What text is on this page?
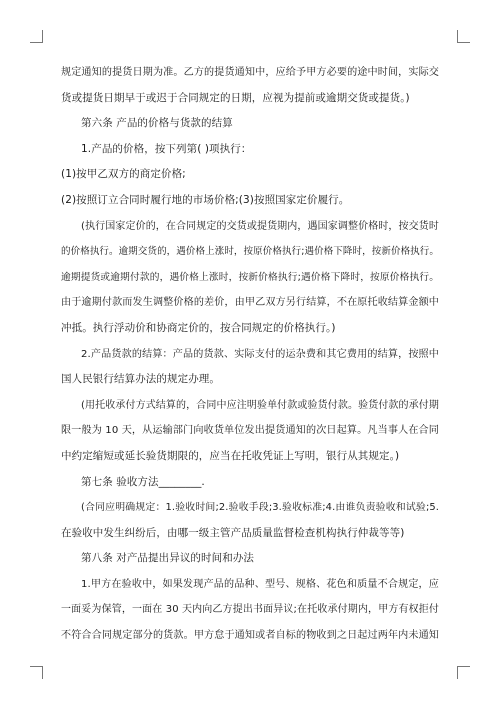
规定通知的提货日期为准。乙方的提货通知中，应给予甲方必要的途中时间，实际交
货或提货日期早于或迟于合同规定的日期，应视为提前或逾期交货或提货。)
第六条 产品的价格与货款的结算
1.产品的价格，按下列第( )项执行：
(1)按甲乙双方的商定价格;
(2)按照订立合同时履行地的市场价格;(3)按照国家定价履行。
(执行国家定价的，在合同规定的交货或提货期内，遇国家调整价格时，按交货时
的价格执行。逾期交货的，遇价格上涨时，按原价格执行;遇价格下降时，按新价格执行。
逾期提货或逾期付款的，遇价格上涨时，按新价格执行;遇价格下降时，按原价格执行。
由于逾期付款而发生调整价格的差价，由甲乙双方另行结算，不在原托收结算金额中
冲抵。执行浮动价和协商定价的，按合同规定的价格执行。)
2.产品货款的结算：产品的货款、实际支付的运杂费和其它费用的结算，按照中
国人民银行结算办法的规定办理。
(用托收承付方式结算的，合同中应注明验单付款或验货付款。验货付款的承付期
限一般为 10 天，从运输部门向收货单位发出提货通知的次日起算。凡当事人在合同
中约定缩短或延长验货期限的，应当在托收凭证上写明，银行从其规定。)
第七条 验收方法________.
(合同应明确规定：1.验收时间;2.验收手段;3.验收标准;4.由谁负责验收和试验;5.
在验收中发生纠纷后，由哪一级主管产品质量监督检查机构执行仲裁等等)
第八条 对产品提出异议的时间和办法
1.甲方在验收中，如果发现产品的品种、型号、规格、花色和质量不合规定，应
一面妥为保管，一面在 30 天内向乙方提出书面异议;在托收承付期内，甲方有权拒付
不符合合同规定部分的货款。甲方怠于通知或者自标的物收到之日起过两年内未通知
